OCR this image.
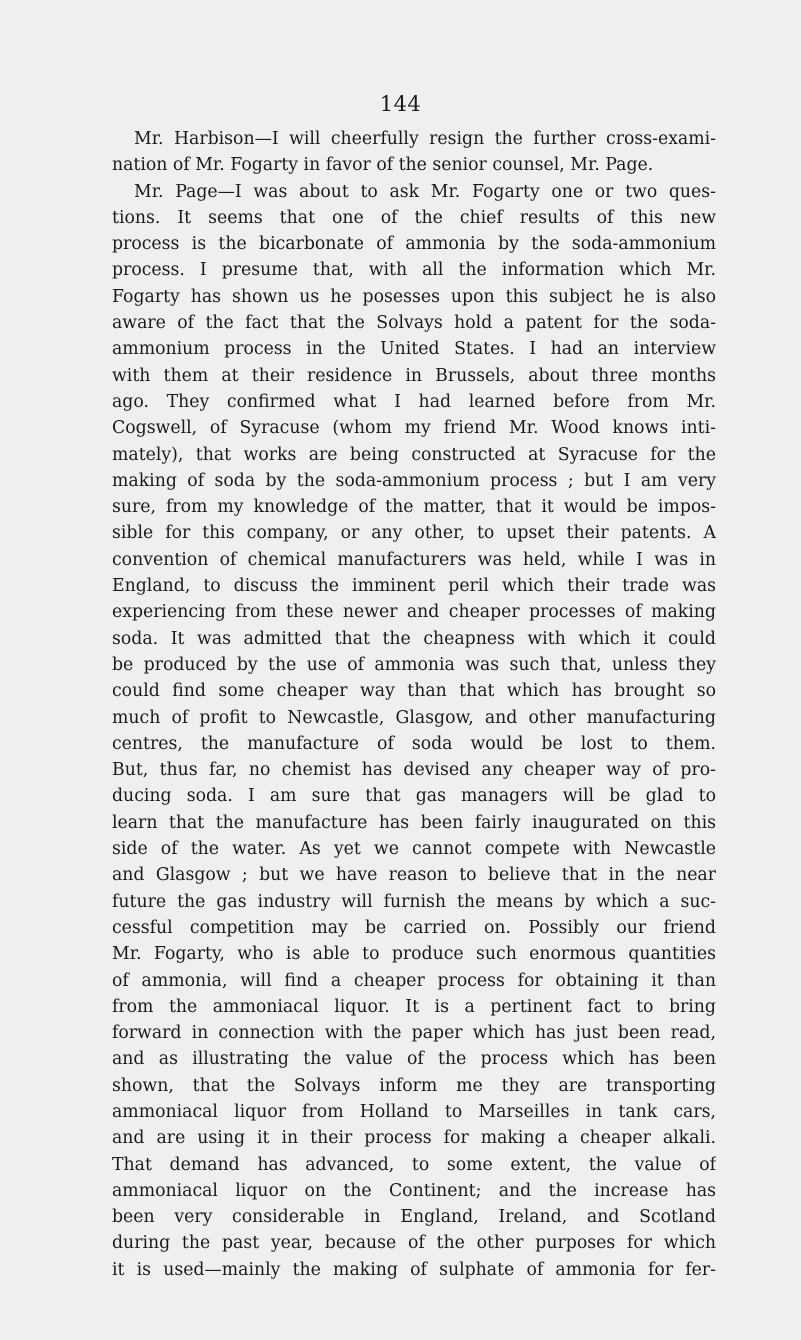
144
Mr. Harbison—I will cheerfully resign the further cross-exami-
nation of Mr. Fogarty in favor of the senior counsel, Mr. Page.
Mr. Page—I was about to ask Mr. Fogarty one or two ques-
tions. It seems that one of the chief results of this new
process is the bicarbonate of ammonia by the soda-ammonium
process. I presume that, with all the information which Mr.
Fogarty has shown us he posesses upon this subject he is also
aware of the fact that the Solvays hold a patent for the soda-
ammonium process in the United States. I had an interview
with them at their residence in Brussels, about three months
ago. They confirmed what I had learned before from Mr.
Cogswell, of Syracuse (whom my friend Mr. Wood knows inti-
mately), that works are being constructed at Syracuse for the
making of soda by the soda-ammonium process ; but I am very
sure, from my knowledge of the matter, that it would be impos-
sible for this company, or any other, to upset their patents. A
convention of chemical manufacturers was held, while I was in
England, to discuss the imminent peril which their trade was
experiencing from these newer and cheaper processes of making
soda. It was admitted that the cheapness with which it could
be produced by the use of ammonia was such that, unless they
could find some cheaper way than that which has brought so
much of profit to Newcastle, Glasgow, and other manufacturing
centres, the manufacture of soda would be lost to them.
But, thus far, no chemist has devised any cheaper way of pro-
ducing soda. I am sure that gas managers will be glad to
learn that the manufacture has been fairly inaugurated on this
side of the water. As yet we cannot compete with Newcastle
and Glasgow ; but we have reason to believe that in the near
future the gas industry will furnish the means by which a suc-
cessful competition may be carried on. Possibly our friend
Mr. Fogarty, who is able to produce such enormous quantities
of ammonia, will find a cheaper process for obtaining it than
from the ammoniacal liquor. It is a pertinent fact to bring
forward in connection with the paper which has just been read,
and as illustrating the value of the process which has been
shown, that the Solvays inform me they are transporting
ammoniacal liquor from Holland to Marseilles in tank cars,
and are using it in their process for making a cheaper alkali.
That demand has advanced, to some extent, the value of
ammoniacal liquor on the Continent; and the increase has
been very considerable in England, Ireland, and Scotland
during the past year, because of the other purposes for which
it is used—mainly the making of sulphate of ammonia for fer-
